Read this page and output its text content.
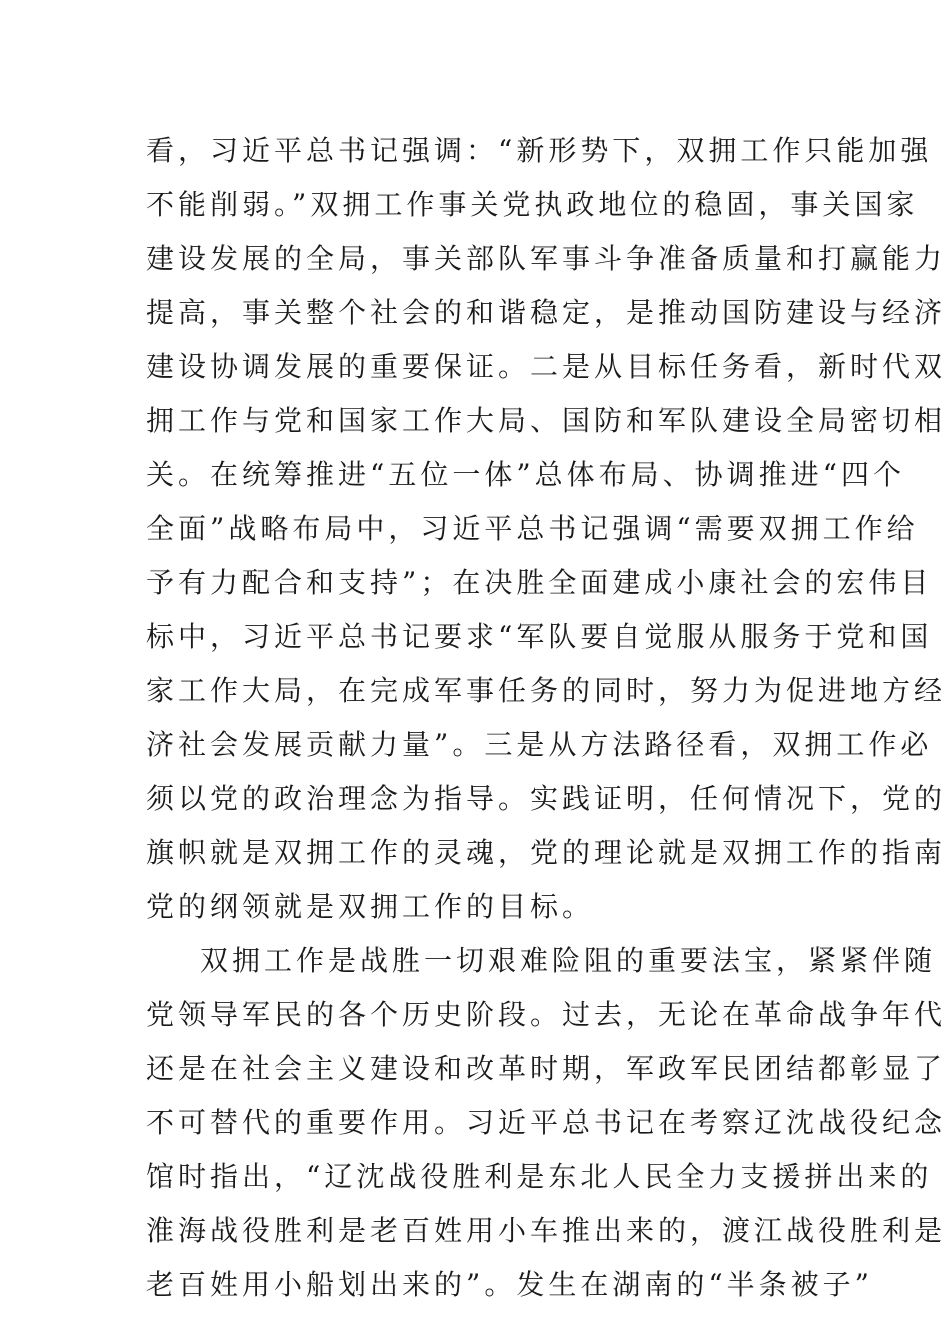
看，习近平总书记强调：“新形势下，双拥工作只能加强
不能削弱。”双拥工作事关党执政地位的稳固，事关国家
建设发展的全局，事关部队军事斗争准备质量和打赢能力
提高，事关整个社会的和谐稳定，是推动国防建设与经济
建设协调发展的重要保证。二是从目标任务看，新时代双
拥工作与党和国家工作大局、国防和军队建设全局密切相
关。在统筹推进“五位一体”总体布局、协调推进“四个
全面”战略布局中，习近平总书记强调“需要双拥工作给
予有力配合和支持”；在决胜全面建成小康社会的宏伟目
标中，习近平总书记要求“军队要自觉服从服务于党和国
家工作大局，在完成军事任务的同时，努力为促进地方经
济社会发展贡献力量”。三是从方法路径看，双拥工作必
须以党的政治理念为指导。实践证明，任何情况下，党的
旗帜就是双拥工作的灵魂，党的理论就是双拥工作的指南
党的纲领就是双拥工作的目标。
双拥工作是战胜一切艰难险阻的重要法宝，紧紧伴随
党领导军民的各个历史阶段。过去，无论在革命战争年代
还是在社会主义建设和改革时期，军政军民团结都彰显了
不可替代的重要作用。习近平总书记在考察辽沈战役纪念
馆时指出，“辽沈战役胜利是东北人民全力支援拼出来的
淮海战役胜利是老百姓用小车推出来的，渡江战役胜利是
老百姓用小船划出来的”。发生在湖南的“半条被子”
